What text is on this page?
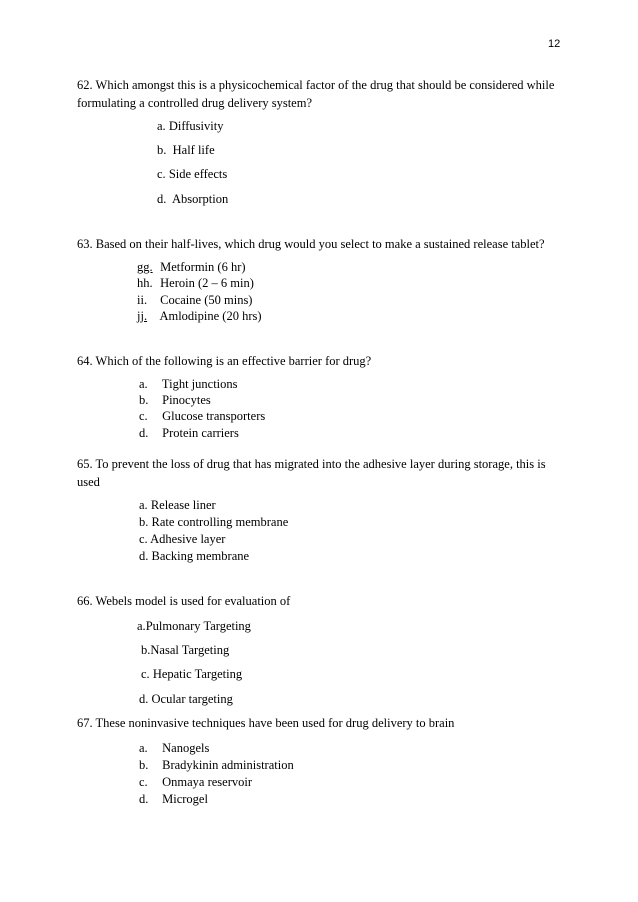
12
62. Which amongst this is a physicochemical factor of the drug that should be considered while formulating a controlled drug delivery system?
a. Diffusivity
b. Half life
c. Side effects
d. Absorption
63. Based on their half-lives, which drug would you select to make a sustained release tablet?
gg. Metformin (6 hr)
hh. Heroin (2 – 6 min)
ii. Cocaine (50 mins)
jj. Amlodipine (20 hrs)
64. Which of the following is an effective barrier for drug?
a. Tight junctions
b. Pinocytes
c. Glucose transporters
d. Protein carriers
65. To prevent the loss of drug that has migrated into the adhesive layer during storage, this is used
a. Release liner
b. Rate controlling membrane
c. Adhesive layer
d. Backing membrane
66. Webels model is used for evaluation of
a.Pulmonary Targeting
b.Nasal Targeting
c. Hepatic Targeting
d. Ocular targeting
67. These noninvasive techniques have been used for drug delivery to brain
a. Nanogels
b. Bradykinin administration
c. Onmaya reservoir
d. Microgel
